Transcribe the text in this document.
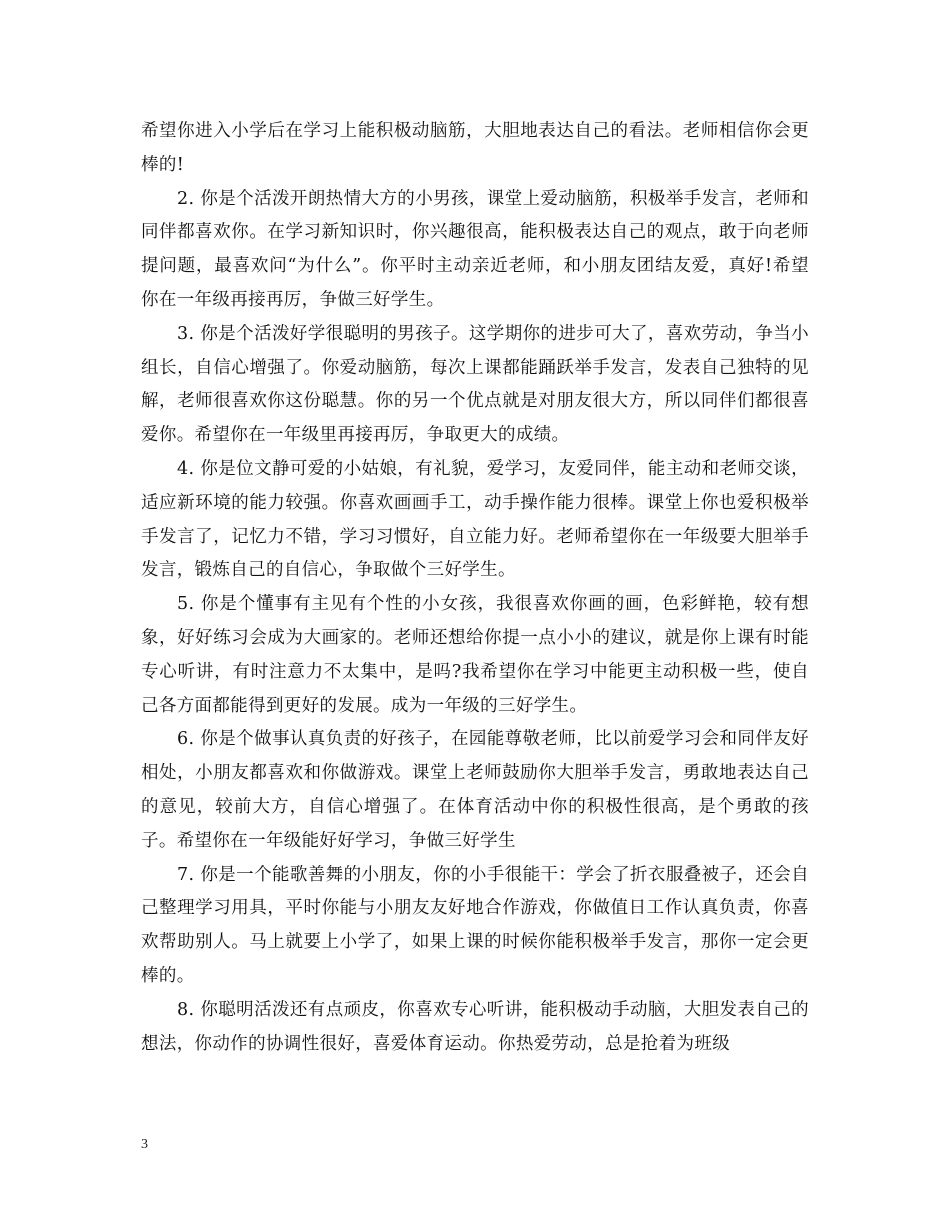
希望你进入小学后在学习上能积极动脑筋，大胆地表达自己的看法。老师相信你会更棒的!

2. 你是个活泼开朗热情大方的小男孩，课堂上爱动脑筋，积极举手发言，老师和同伴都喜欢你。在学习新知识时，你兴趣很高，能积极表达自己的观点，敢于向老师提问题，最喜欢问“为什么”。你平时主动亲近老师，和小朋友团结友爱，真好!希望你在一年级再接再厉，争做三好学生。

3. 你是个活泼好学很聪明的男孩子。这学期你的进步可大了，喜欢劳动，争当小组长，自信心增强了。你爱动脑筋，每次上课都能踊跃举手发言，发表自己独特的见解，老师很喜欢你这份聪慧。你的另一个优点就是对朋友很大方，所以同伴们都很喜爱你。希望你在一年级里再接再厉，争取更大的成绩。

4. 你是位文静可爱的小姑娘，有礼貌，爱学习，友爱同伴，能主动和老师交谈，适应新环境的能力较强。你喜欢画画手工，动手操作能力很棒。课堂上你也爱积极举手发言了，记忆力不错，学习习惯好，自立能力好。老师希望你在一年级要大胆举手发言，锻炼自己的自信心，争取做个三好学生。

5. 你是个懂事有主见有个性的小女孩，我很喜欢你画的画，色彩鲜艳，较有想象，好好练习会成为大画家的。老师还想给你提一点小小的建议，就是你上课有时能专心听讲，有时注意力不太集中，是吗?我希望你在学习中能更主动积极一些，使自己各方面都能得到更好的发展。成为一年级的三好学生。

6. 你是个做事认真负责的好孩子，在园能尊敬老师，比以前爱学习会和同伴友好相处，小朋友都喜欢和你做游戏。课堂上老师鼓励你大胆举手发言，勇敢地表达自己的意见，较前大方，自信心增强了。在体育活动中你的积极性很高，是个勇敢的孩子。希望你在一年级能好好学习，争做三好学生

7. 你是一个能歌善舞的小朋友，你的小手很能干：学会了折衣服叠被子，还会自己整理学习用具，平时你能与小朋友友好地合作游戏，你做值日工作认真负责，你喜欢帮助别人。马上就要上小学了，如果上课的时候你能积极举手发言，那你一定会更棒的。

8. 你聪明活泼还有点顽皮，你喜欢专心听讲，能积极动手动脑，大胆发表自己的想法，你动作的协调性很好，喜爱体育运动。你热爱劳动，总是抢着为班级

3
